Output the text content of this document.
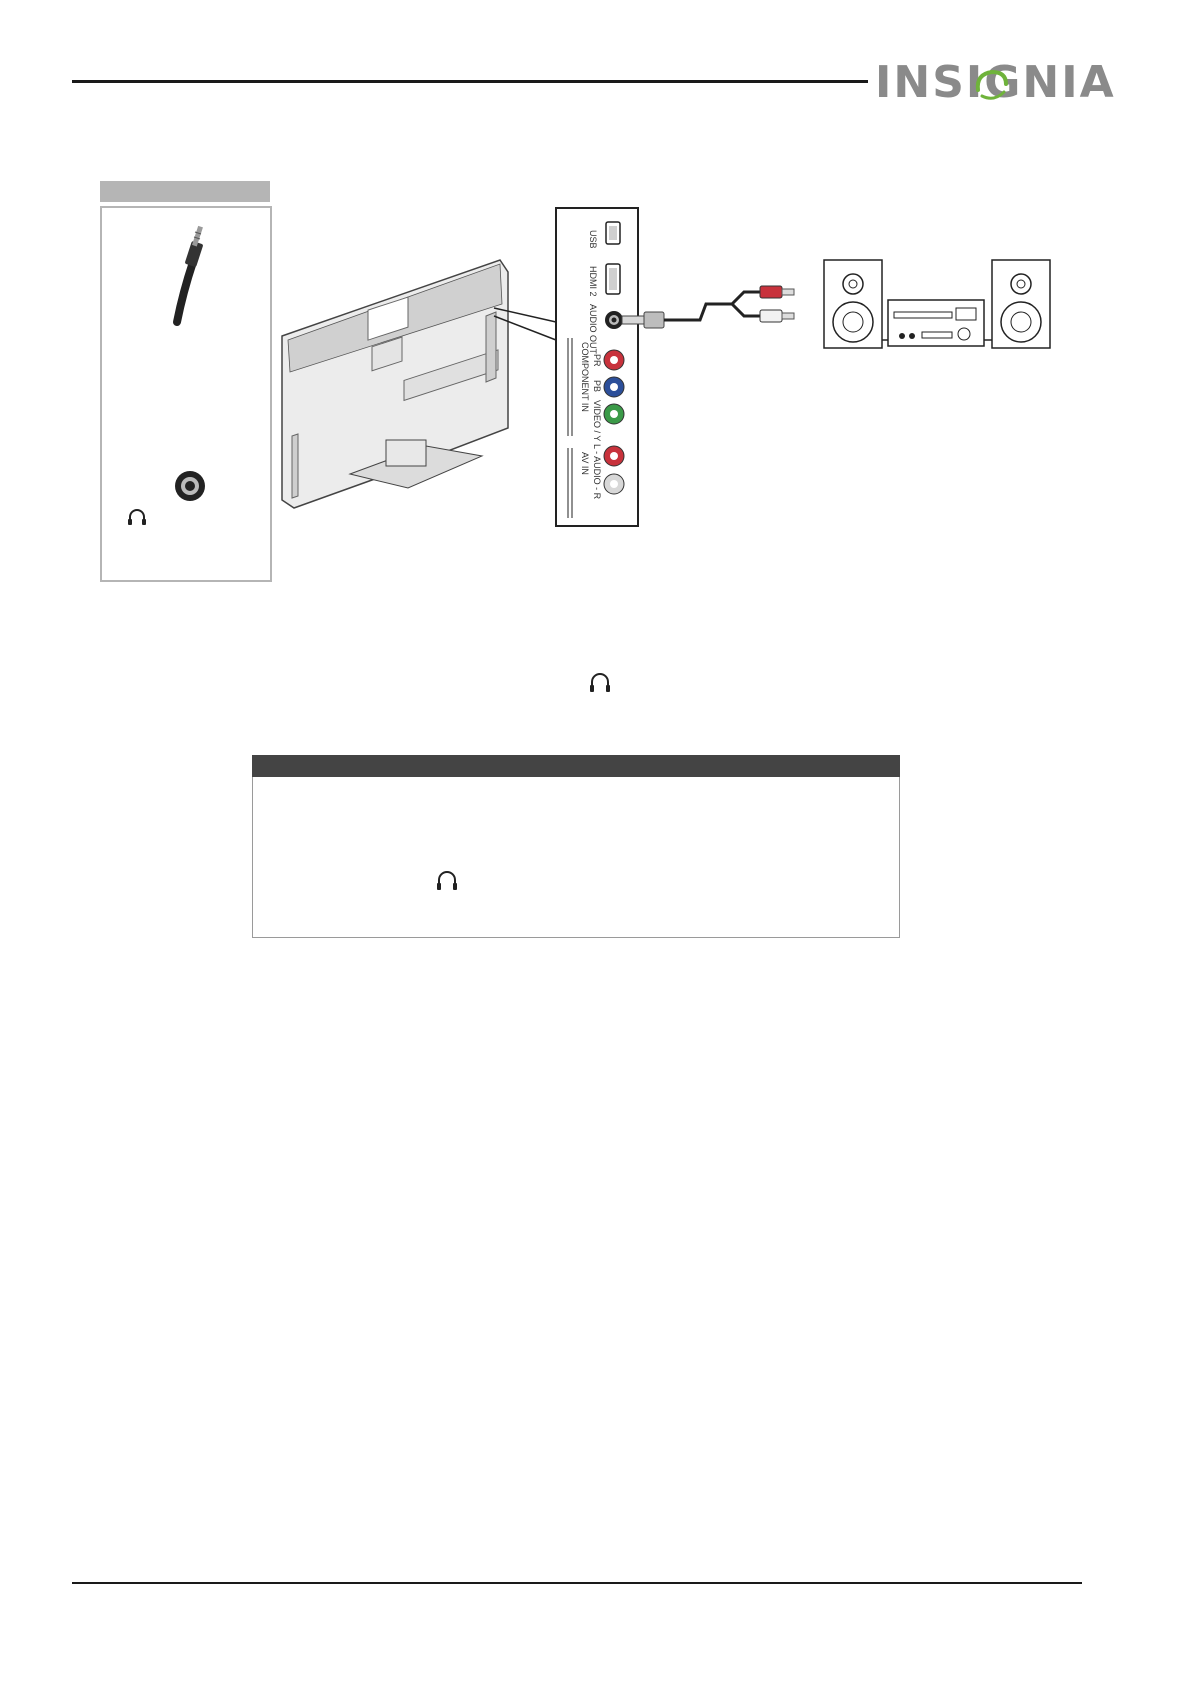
INSIGNIA
USB
HDMI 2
AUDIO OUT
COMPONENT IN PR
PB
VIDEO / Y
AV IN L - AUDIO - R
